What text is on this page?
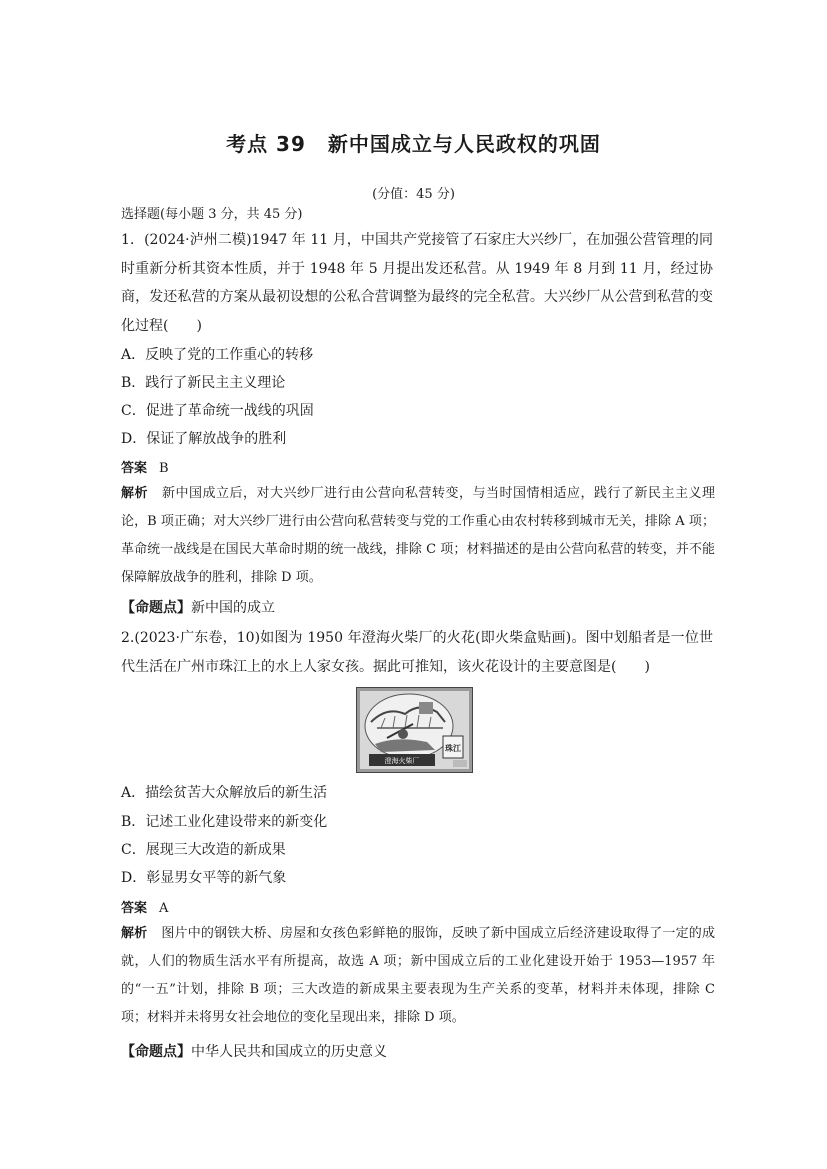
考点 39 新中国成立与人民政权的巩固
(分值：45 分)
选择题(每小题 3 分，共 45 分)
1．(2024·泸州二模)1947 年 11 月，中国共产党接管了石家庄大兴纱厂，在加强公营管理的同时重新分析其资本性质，并于 1948 年 5 月提出发还私营。从 1949 年 8 月到 11 月，经过协商，发还私营的方案从最初设想的公私合营调整为最终的完全私营。大兴纱厂从公营到私营的变化过程(　　)
A．反映了党的工作重心的转移
B．践行了新民主主义理论
C．促进了革命统一战线的巩固
D．保证了解放战争的胜利
答案 B
解析 新中国成立后，对大兴纱厂进行由公营向私营转变，与当时国情相适应，践行了新民主主义理论，B 项正确；对大兴纱厂进行由公营向私营转变与党的工作重心由农村转移到城市无关，排除 A 项；革命统一战线是在国民大革命时期的统一战线，排除 C 项；材料描述的是由公营向私营的转变，并不能保障解放战争的胜利，排除 D 项。
【命题点】新中国的成立
2.(2023·广东卷，10)如图为 1950 年澄海火柴厂的火花(即火柴盒贴画)。图中划船者是一位世代生活在广州市珠江上的水上人家女孩。据此可推知，该火花设计的主要意图是(　　)
澄海火柴厂
珠江
A．描绘贫苦大众解放后的新生活
B．记述工业化建设带来的新变化
C．展现三大改造的新成果
D．彰显男女平等的新气象
答案 A
解析 图片中的钢铁大桥、房屋和女孩色彩鲜艳的服饰，反映了新中国成立后经济建设取得了一定的成就，人们的物质生活水平有所提高，故选 A 项；新中国成立后的工业化建设开始于 1953—1957 年的“一五”计划，排除 B 项；三大改造的新成果主要表现为生产关系的变革，材料并未体现，排除 C 项；材料并未将男女社会地位的变化呈现出来，排除 D 项。
【命题点】中华人民共和国成立的历史意义
